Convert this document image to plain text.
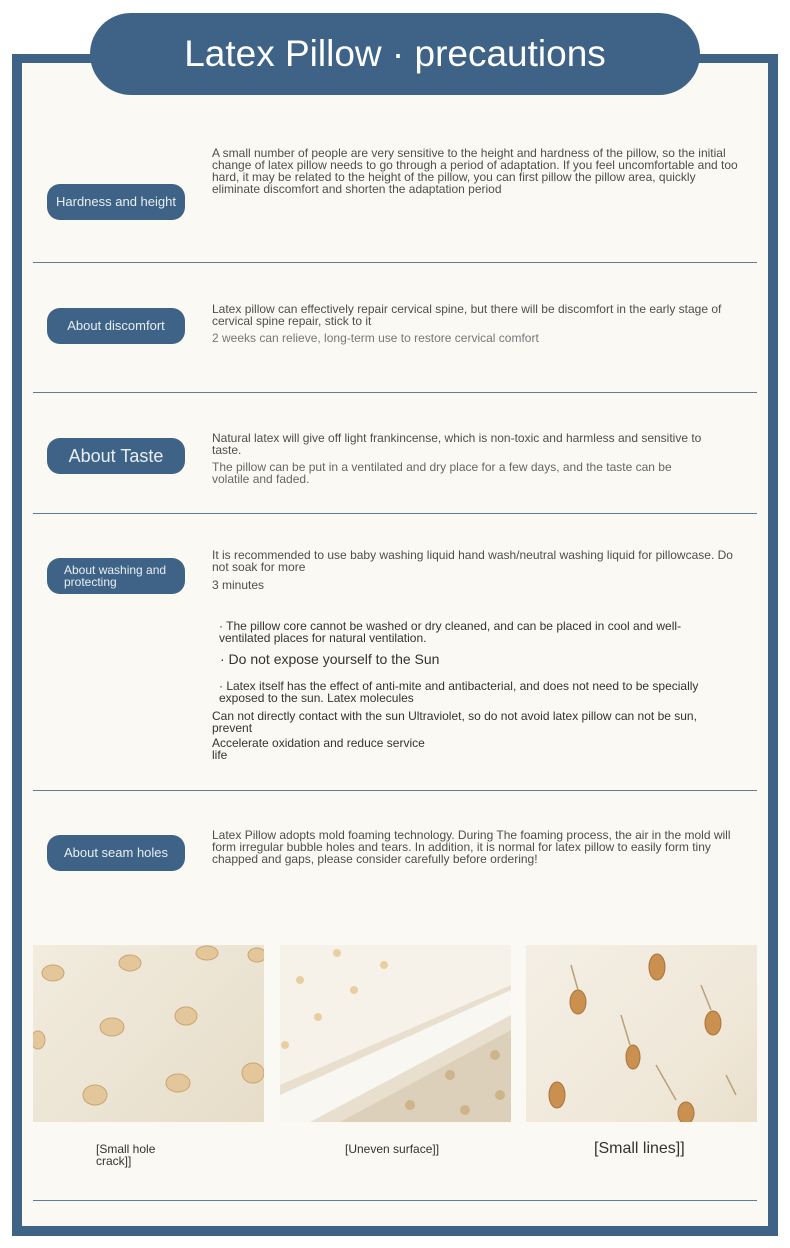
Latex Pillow · precautions
Hardness and height

A small number of people are very sensitive to the height and hardness of the pillow, so the initial change of latex pillow needs to go through a period of adaptation. If you feel uncomfortable and too hard, it may be related to the height of the pillow, you can first pillow the pillow area, quickly eliminate discomfort and shorten the adaptation period

About discomfort

Latex pillow can effectively repair cervical spine, but there will be discomfort in the early stage of cervical spine repair, stick to it

2 weeks can relieve, long-term use to restore cervical comfort

About Taste

Natural latex will give off light frankincense, which is non-toxic and harmless and sensitive to taste.

The pillow can be put in a ventilated and dry place for a few days, and the taste can be volatile and faded.

About washing and protecting

It is recommended to use baby washing liquid hand wash/neutral washing liquid for pillowcase. Do not soak for more

3 minutes

· The pillow core cannot be washed or dry cleaned, and can be placed in cool and well-ventilated places for natural ventilation.

· Do not expose yourself to the Sun

· Latex itself has the effect of anti-mite and antibacterial, and does not need to be specially exposed to the sun. Latex molecules

Can not directly contact with the sun Ultraviolet, so do not avoid latex pillow can not be sun, prevent

Accelerate oxidation and reduce service life

About seam holes

Latex Pillow adopts mold foaming technology. During The foaming process, the air in the mold will form irregular bubble holes and tears. In addition, it is normal for latex pillow to easily form tiny chapped and gaps, please consider carefully before ordering!

[Small hole crack]]
[Uneven surface]]	[Small lines]]
